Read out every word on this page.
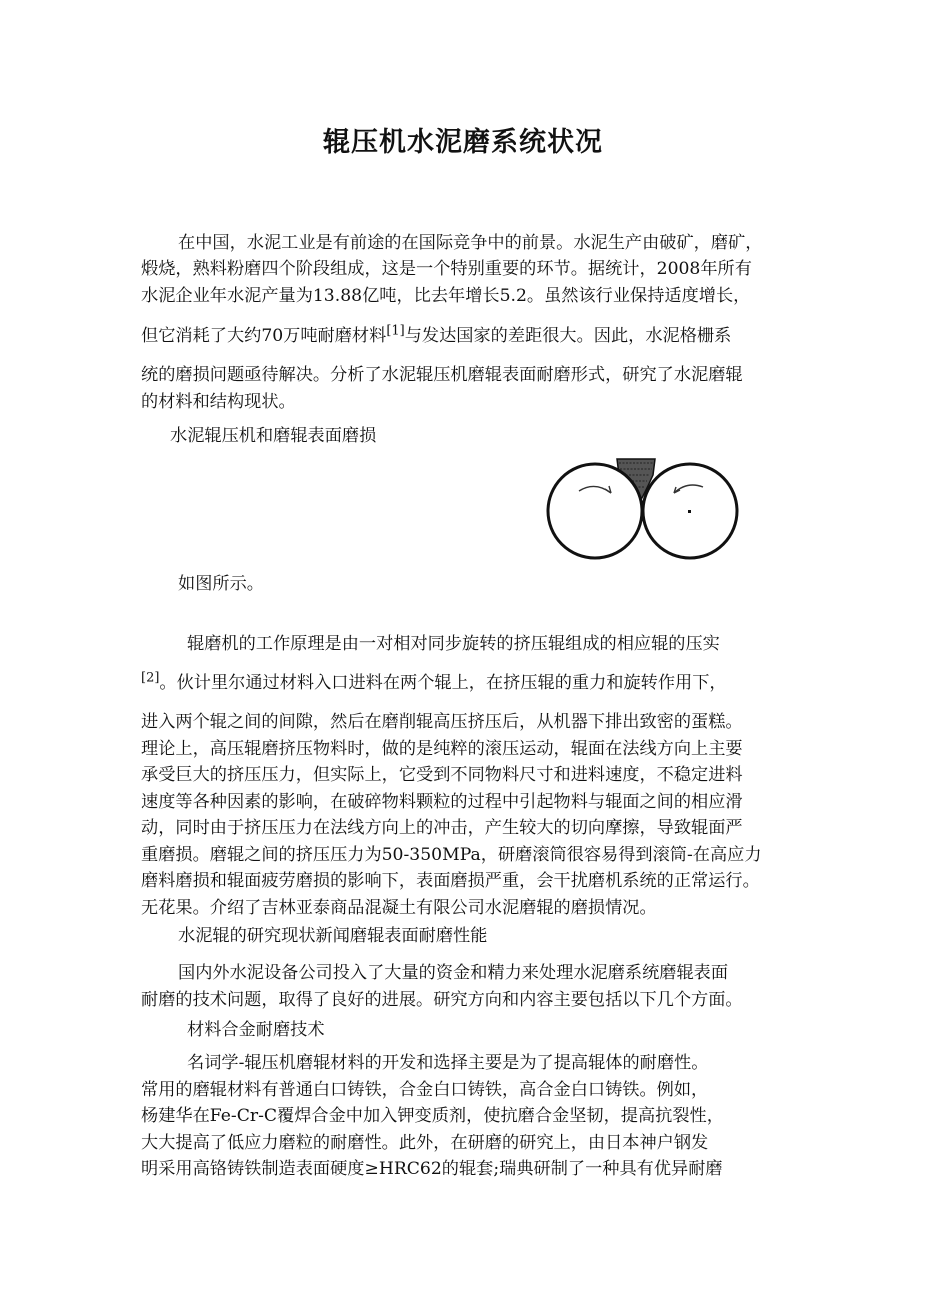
辊压机水泥磨系统状况
在中国，水泥工业是有前途的在国际竞争中的前景。水泥生产由破矿，磨矿，
煅烧，熟料粉磨四个阶段组成，这是一个特别重要的环节。据统计，2008年所有
水泥企业年水泥产量为13.88亿吨，比去年增长5.2。虽然该行业保持适度增长，
但它消耗了大约70万吨耐磨材料[1]与发达国家的差距很大。因此，水泥格栅系
统的磨损问题亟待解决。分析了水泥辊压机磨辊表面耐磨形式，研究了水泥磨辊
的材料和结构现状。
水泥辊压机和磨辊表面磨损
如图所示。
辊磨机的工作原理是由一对相对同步旋转的挤压辊组成的相应辊的压实
[2]。伙计里尔通过材料入口进料在两个辊上，在挤压辊的重力和旋转作用下，
进入两个辊之间的间隙，然后在磨削辊高压挤压后，从机器下排出致密的蛋糕。
理论上，高压辊磨挤压物料时，做的是纯粹的滚压运动，辊面在法线方向上主要
承受巨大的挤压压力，但实际上，它受到不同物料尺寸和进料速度，不稳定进料
速度等各种因素的影响，在破碎物料颗粒的过程中引起物料与辊面之间的相应滑
动，同时由于挤压压力在法线方向上的冲击，产生较大的切向摩擦，导致辊面严
重磨损。磨辊之间的挤压压力为50-350MPa，研磨滚筒很容易得到滚筒-在高应力
磨料磨损和辊面疲劳磨损的影响下，表面磨损严重，会干扰磨机系统的正常运行。
无花果。介绍了吉林亚泰商品混凝土有限公司水泥磨辊的磨损情况。
水泥辊的研究现状新闻磨辊表面耐磨性能
国内外水泥设备公司投入了大量的资金和精力来处理水泥磨系统磨辊表面
耐磨的技术问题，取得了良好的进展。研究方向和内容主要包括以下几个方面。
材料合金耐磨技术
名词学-辊压机磨辊材料的开发和选择主要是为了提高辊体的耐磨性。
常用的磨辊材料有普通白口铸铁，合金白口铸铁，高合金白口铸铁。例如，
杨建华在Fe-Cr-C覆焊合金中加入钾变质剂，使抗磨合金坚韧，提高抗裂性，
大大提高了低应力磨粒的耐磨性。此外，在研磨的研究上，由日本神户钢发
明采用高铬铸铁制造表面硬度≥HRC62的辊套;瑞典研制了一种具有优异耐磨
